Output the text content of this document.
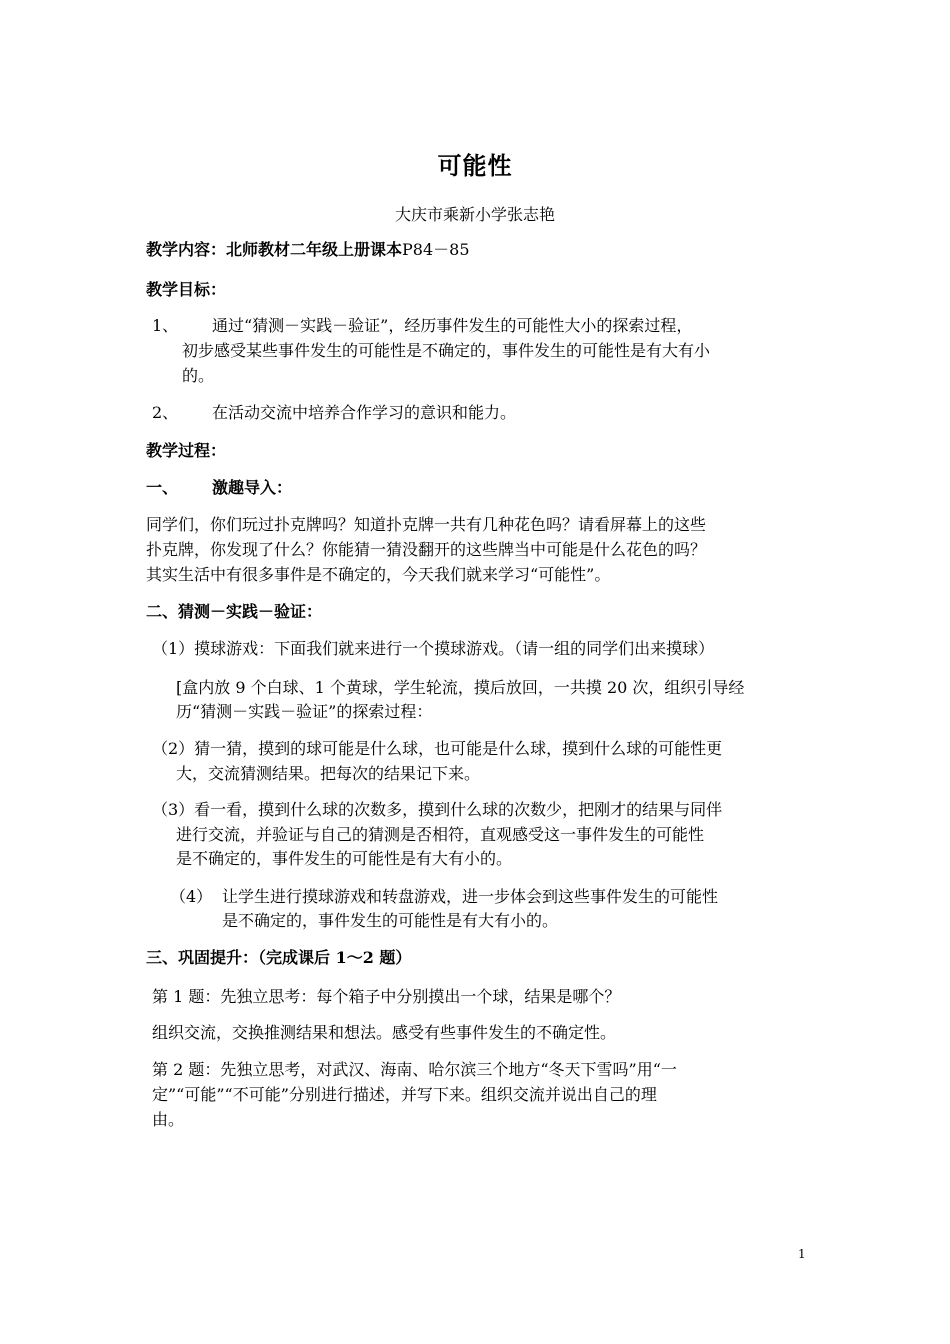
可能性
大庆市乘新小学张志艳
教学内容：北师教材二年级上册课本P84－85
教学目标：
1、 通过“猜测－实践－验证”，经历事件发生的可能性大小的探索过程，
初步感受某些事件发生的可能性是不确定的，事件发生的可能性是有大有小
的。
2、 在活动交流中培养合作学习的意识和能力。
教学过程：
一、 激趣导入：
同学们，你们玩过扑克牌吗？知道扑克牌一共有几种花色吗？请看屏幕上的这些
扑克牌，你发现了什么？你能猜一猜没翻开的这些牌当中可能是什么花色的吗？
其实生活中有很多事件是不确定的，今天我们就来学习“可能性”。
二、猜测－实践－验证：
（1）摸球游戏：下面我们就来进行一个摸球游戏。（请一组的同学们出来摸球）
[盒内放 9 个白球、1 个黄球，学生轮流，摸后放回，一共摸 20 次，组织引导经
历“猜测－实践－验证”的探索过程：
（2）猜一猜，摸到的球可能是什么球，也可能是什么球，摸到什么球的可能性更
大，交流猜测结果。把每次的结果记下来。
（3）看一看，摸到什么球的次数多，摸到什么球的次数少，把刚才的结果与同伴
进行交流，并验证与自己的猜测是否相符，直观感受这一事件发生的可能性
是不确定的，事件发生的可能性是有大有小的。
（4） 让学生进行摸球游戏和转盘游戏，进一步体会到这些事件发生的可能性
是不确定的，事件发生的可能性是有大有小的。
三、巩固提升：（完成课后 1～2 题）
第 1 题：先独立思考：每个箱子中分别摸出一个球，结果是哪个？
组织交流，交换推测结果和想法。感受有些事件发生的不确定性。
第 2 题：先独立思考，对武汉、海南、哈尔滨三个地方“冬天下雪吗”用“一
定”“可能”“不可能”分别进行描述，并写下来。组织交流并说出自己的理
由。
1
